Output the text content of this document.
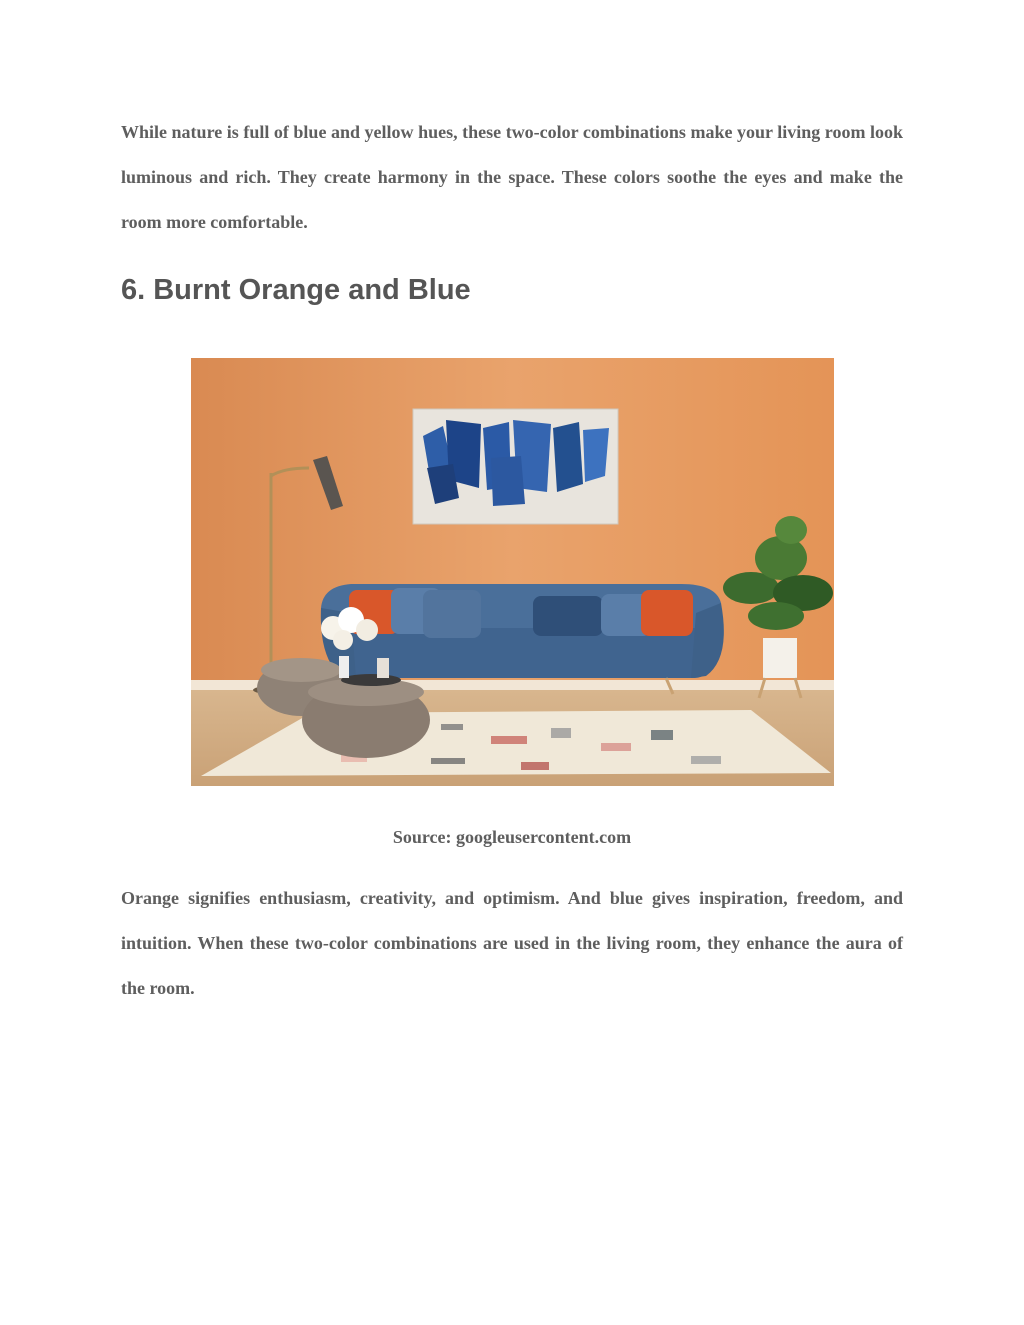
While nature is full of blue and yellow hues, these two-color combinations make your living room look luminous and rich. They create harmony in the space. These colors soothe the eyes and make the room more comfortable.

6. Burnt Orange and Blue

Source: googleusercontent.com

Orange signifies enthusiasm, creativity, and optimism. And blue gives inspiration, freedom, and intuition. When these two-color combinations are used in the living room, they enhance the aura of the room.
